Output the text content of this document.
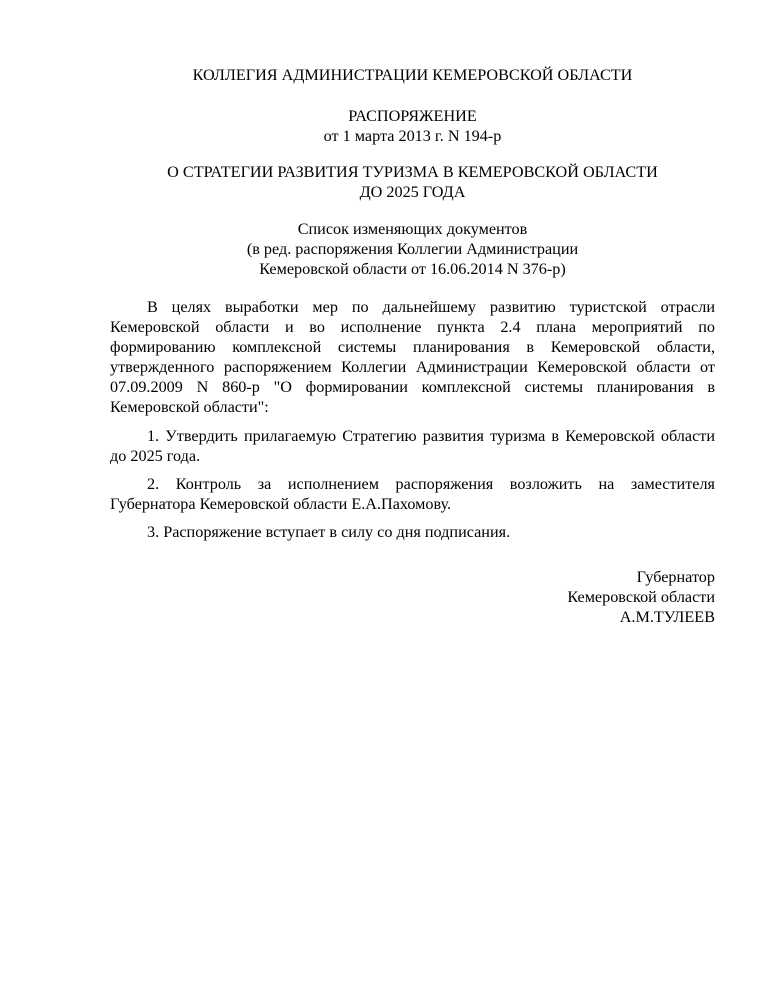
КОЛЛЕГИЯ АДМИНИСТРАЦИИ КЕМЕРОВСКОЙ ОБЛАСТИ

РАСПОРЯЖЕНИЕ

от 1 марта 2013 г. N 194-р

О СТРАТЕГИИ РАЗВИТИЯ ТУРИЗМА В КЕМЕРОВСКОЙ ОБЛАСТИ

ДО 2025 ГОДА

Список изменяющих документов

(в ред. распоряжения Коллегии Администрации

Кемеровской области от 16.06.2014 N 376-р)

В целях выработки мер по дальнейшему развитию туристской отрасли Кемеровской области и во исполнение пункта 2.4 плана мероприятий по формированию комплексной системы планирования в Кемеровской области, утвержденного распоряжением Коллегии Администрации Кемеровской области от 07.09.2009 N 860-р "О формировании комплексной системы планирования в Кемеровской области":

1. Утвердить прилагаемую Стратегию развития туризма в Кемеровской области до 2025 года.

2. Контроль за исполнением распоряжения возложить на заместителя Губернатора Кемеровской области Е.А.Пахомову.

3. Распоряжение вступает в силу со дня подписания.

Губернатор
Кемеровской области
А.М.ТУЛЕЕВ
